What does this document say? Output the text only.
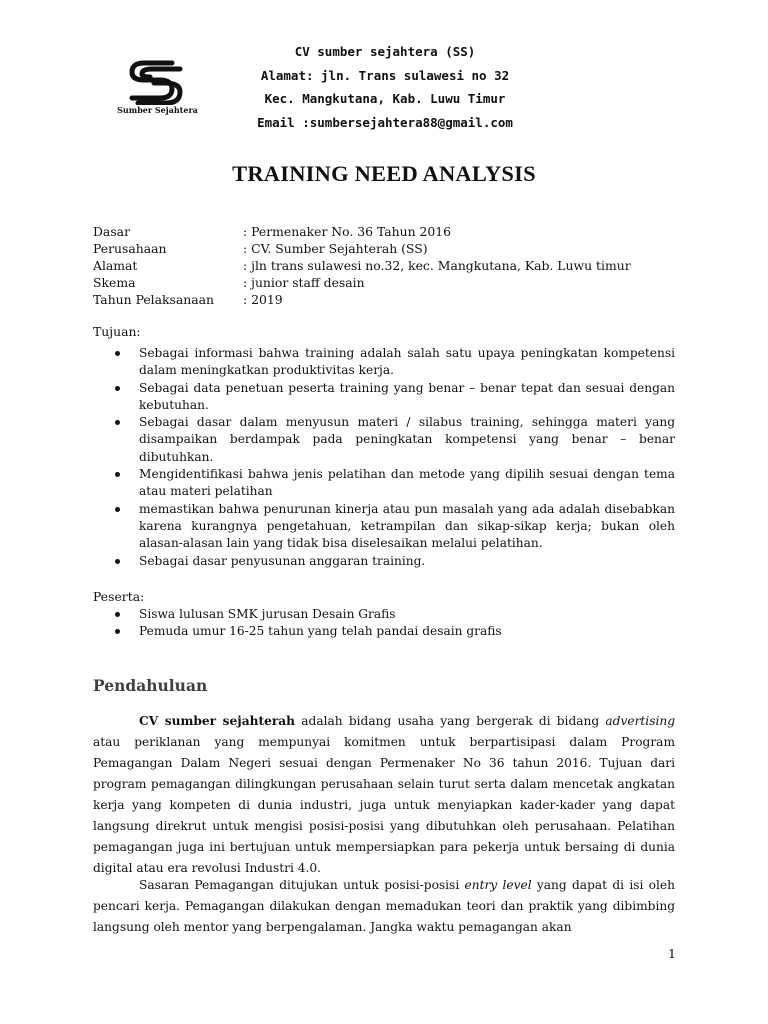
Sumber Sejahtera
CV sumber sejahtera (SS)
Alamat: jln. Trans sulawesi no 32
Kec. Mangkutana, Kab. Luwu Timur
Email :sumbersejahtera88@gmail.com
TRAINING NEED ANALYSIS
Dasar	: Permenaker No. 36 Tahun 2016
Perusahaan	: CV. Sumber Sejahterah (SS)
Alamat	: jln trans sulawesi no.32, kec. Mangkutana, Kab. Luwu timur
Skema	: junior staff desain
Tahun Pelaksanaan : 2019
Tujuan:
Sebagai informasi bahwa training adalah salah satu upaya peningkatan kompetensi dalam meningkatkan produktivitas kerja.
Sebagai data penetuan peserta training yang benar – benar tepat dan sesuai dengan kebutuhan.
Sebagai dasar dalam menyusun materi / silabus training, sehingga materi yang disampaikan berdampak pada peningkatan kompetensi yang benar – benar dibutuhkan.
Mengidentifikasi bahwa jenis pelatihan dan metode yang dipilih sesuai dengan tema atau materi pelatihan
memastikan bahwa penurunan kinerja atau pun masalah yang ada adalah disebabkan karena kurangnya pengetahuan, ketrampilan dan sikap-sikap kerja; bukan oleh alasan-alasan lain yang tidak bisa diselesaikan melalui pelatihan.
Sebagai dasar penyusunan anggaran training.
Peserta:
Siswa lulusan SMK jurusan Desain Grafis
Pemuda umur 16-25 tahun yang telah pandai desain grafis
Pendahuluan

CV sumber sejahterah adalah bidang usaha yang bergerak di bidang advertising atau periklanan yang mempunyai komitmen untuk berpartisipasi dalam Program Pemagangan Dalam Negeri sesuai dengan Permenaker No 36 tahun 2016. Tujuan dari program pemagangan dilingkungan perusahaan selain turut serta dalam mencetak angkatan kerja yang kompeten di dunia industri, juga untuk menyiapkan kader-kader yang dapat langsung direkrut untuk mengisi posisi-posisi yang dibutuhkan oleh perusahaan. Pelatihan pemagangan juga ini bertujuan untuk mempersiapkan para pekerja untuk bersaing di dunia digital atau era revolusi Industri 4.0.

Sasaran Pemagangan ditujukan untuk posisi-posisi entry level yang dapat di isi oleh pencari kerja. Pemagangan dilakukan dengan memadukan teori dan praktik yang dibimbing langsung oleh mentor yang berpengalaman. Jangka waktu pemagangan akan

1
